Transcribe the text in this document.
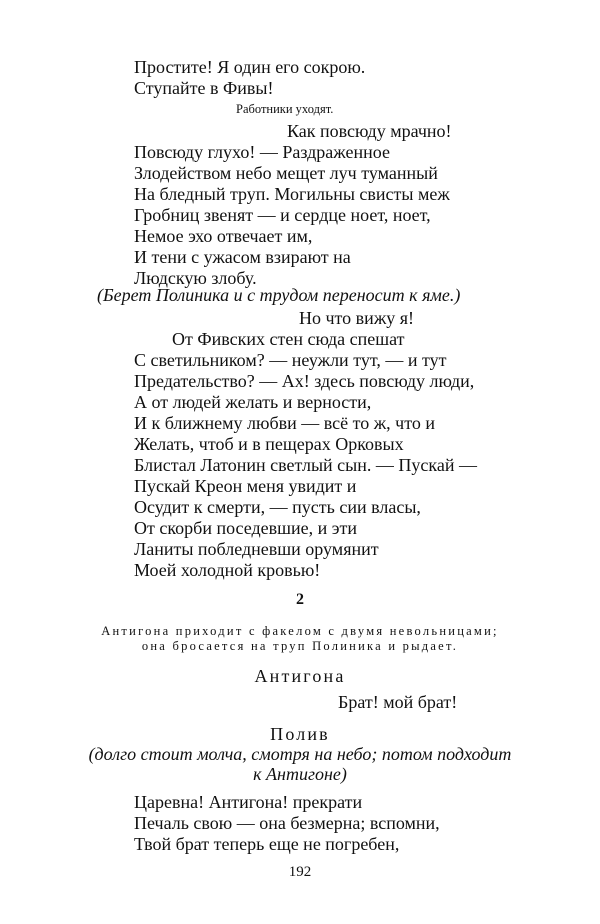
Простите! Я один его сокрою.
Ступайте в Фивы!
Работники уходят.
Как повсюду мрачно!
Повсюду глухо! — Раздраженное
Злодейством небо мещет луч туманный
На бледный труп. Могильны свисты меж
Гробниц звенят — и сердце ноет, ноет,
Немое эхо отвечает им,
И тени с ужасом взирают на
Людскую злобу.
(Берет Полиника и с трудом переносит к яме.)
Но что вижу я!
От Фивских стен сюда спешат
С светильником? — неужли тут, — и тут
Предательство? — Ах! здесь повсюду люди,
А от людей желать и верности,
И к ближнему любви — всё то ж, что и
Желать, чтоб и в пещерах Орковых
Блистал Латонин светлый сын. — Пускай —
Пускай Креон меня увидит и
Осудит к смерти, — пусть сии власы,
От скорби поседевшие, и эти
Ланиты побледневши орумянит
Моей холодной кровью!
2
Антигона приходит с факелом с двумя невольницами;
она бросается на труп Полиника и рыдает.
Антигона
Брат! мой брат!
Полив
(долго стоит молча, смотря на небо; потом подходит
к Антигоне)
Царевна! Антигона! прекрати
Печаль свою — она безмерна; вспомни,
Твой брат теперь еще не погребен,
192
